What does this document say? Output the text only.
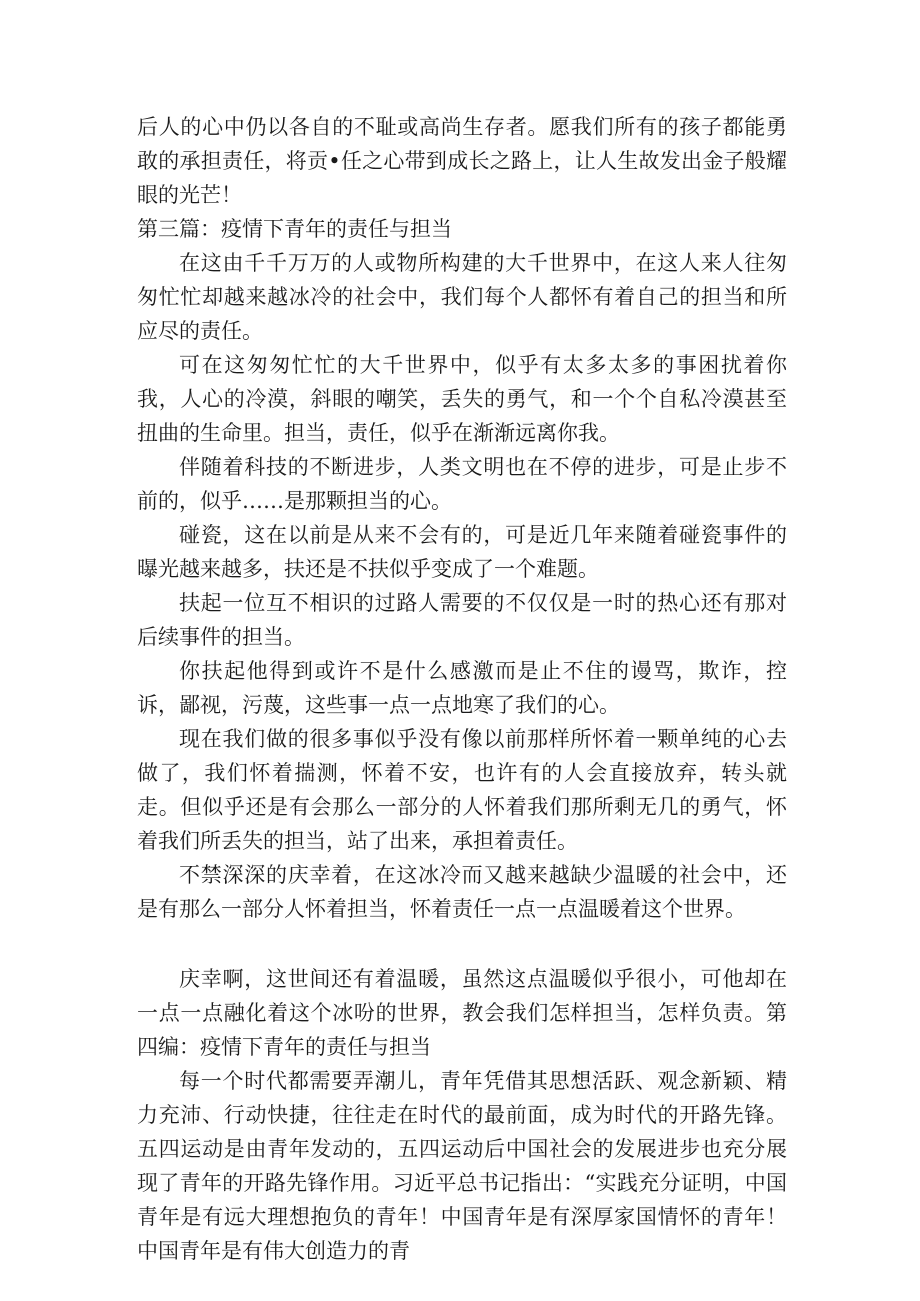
后人的心中仍以各自的不耻或高尚生存者。愿我们所有的孩子都能勇敢的承担责任，将贡•任之心带到成长之路上，让人生故发出金子般耀眼的光芒！

第三篇：疫情下青年的责任与担当

在这由千千万万的人或物所构建的大千世界中，在这人来人往匆匆忙忙却越来越冰冷的社会中，我们每个人都怀有着自己的担当和所应尽的责任。

可在这匆匆忙忙的大千世界中，似乎有太多太多的事困扰着你我，人心的冷漠，斜眼的嘲笑，丢失的勇气，和一个个自私冷漠甚至扭曲的生命里。担当，责任，似乎在渐渐远离你我。

伴随着科技的不断进步，人类文明也在不停的进步，可是止步不前的，似乎……是那颗担当的心。

碰瓷，这在以前是从来不会有的，可是近几年来随着碰瓷事件的曝光越来越多，扶还是不扶似乎变成了一个难题。

扶起一位互不相识的过路人需要的不仅仅是一时的热心还有那对后续事件的担当。

你扶起他得到或许不是什么感激而是止不住的谩骂，欺诈，控诉，鄙视，污蔑，这些事一点一点地寒了我们的心。

现在我们做的很多事似乎没有像以前那样所怀着一颗单纯的心去做了，我们怀着揣测，怀着不安，也许有的人会直接放弃，转头就走。但似乎还是有会那么一部分的人怀着我们那所剩无几的勇气，怀着我们所丢失的担当，站了出来，承担着责任。

不禁深深的庆幸着，在这冰冷而又越来越缺少温暖的社会中，还是有那么一部分人怀着担当，怀着责任一点一点温暖着这个世界。

庆幸啊，这世间还有着温暖，虽然这点温暖似乎很小，可他却在一点一点融化着这个冰吩的世界，教会我们怎样担当，怎样负责。第四编：疫情下青年的责任与担当

每一个时代都需要弄潮儿，青年凭借其思想活跃、观念新颖、精力充沛、行动快捷，往往走在时代的最前面，成为时代的开路先锋。五四运动是由青年发动的，五四运动后中国社会的发展进步也充分展现了青年的开路先锋作用。习近平总书记指出：“实践充分证明，中国青年是有远大理想抱负的青年！中国青年是有深厚家国情怀的青年！中国青年是有伟大创造力的青
